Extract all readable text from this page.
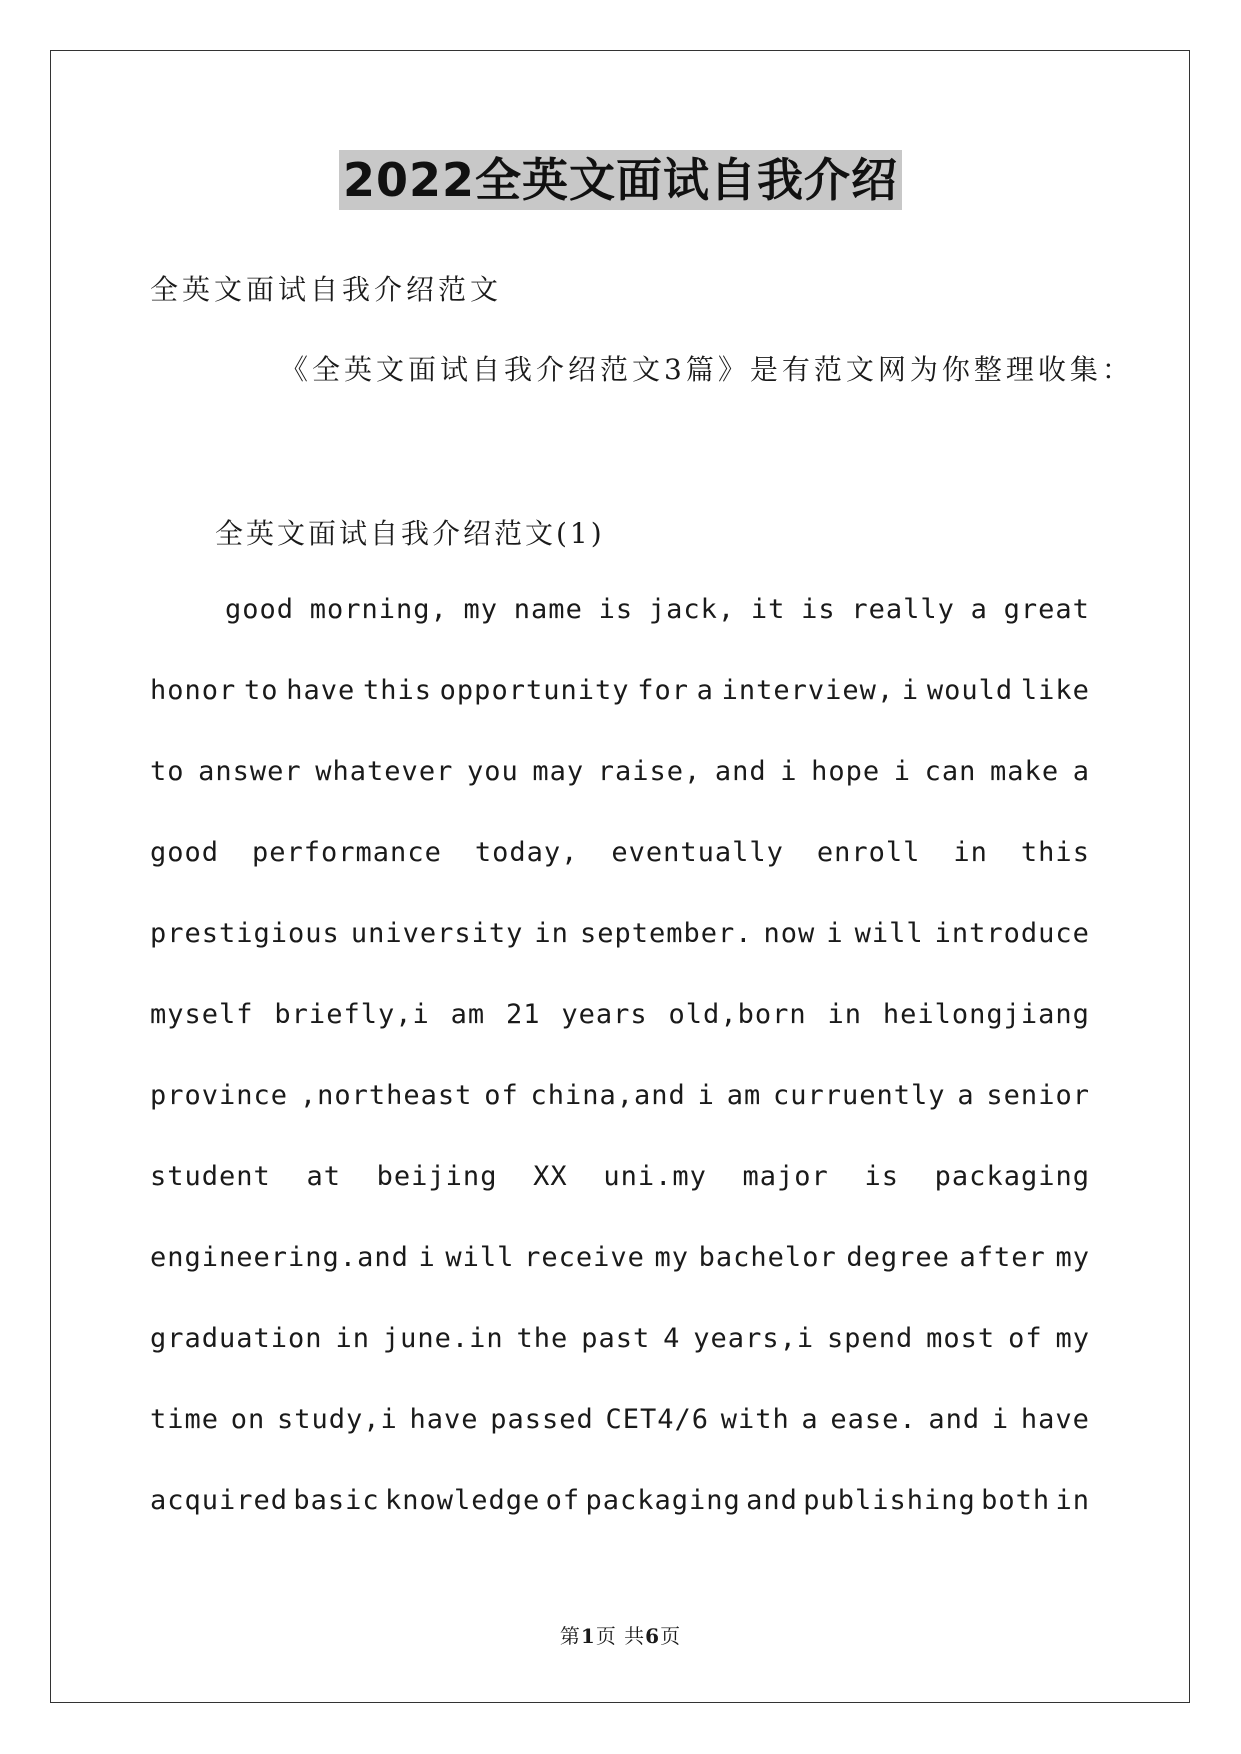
2022全英文面试自我介绍
全英文面试自我介绍范文
《全英文面试自我介绍范文3篇》是有范文网为你整理收集：
全英文面试自我介绍范文(1)
good morning, my name is jack, it is really a great
honor to have this opportunity for a interview, i would like
to answer whatever you may raise, and i hope i can make a
good performance today, eventually enroll in this
prestigious university in september. now i will introduce
myself briefly,i am 21 years old,born in heilongjiang
province ,northeast of china,and i am curruently a senior
student at beijing XX uni.my major is packaging
engineering.and i will receive my bachelor degree after my
graduation in june.in the past 4 years,i spend most of my
time on study,i have passed CET4/6 with a ease. and i have
acquired basic knowledge of packaging and publishing both in
第1页 共6页
